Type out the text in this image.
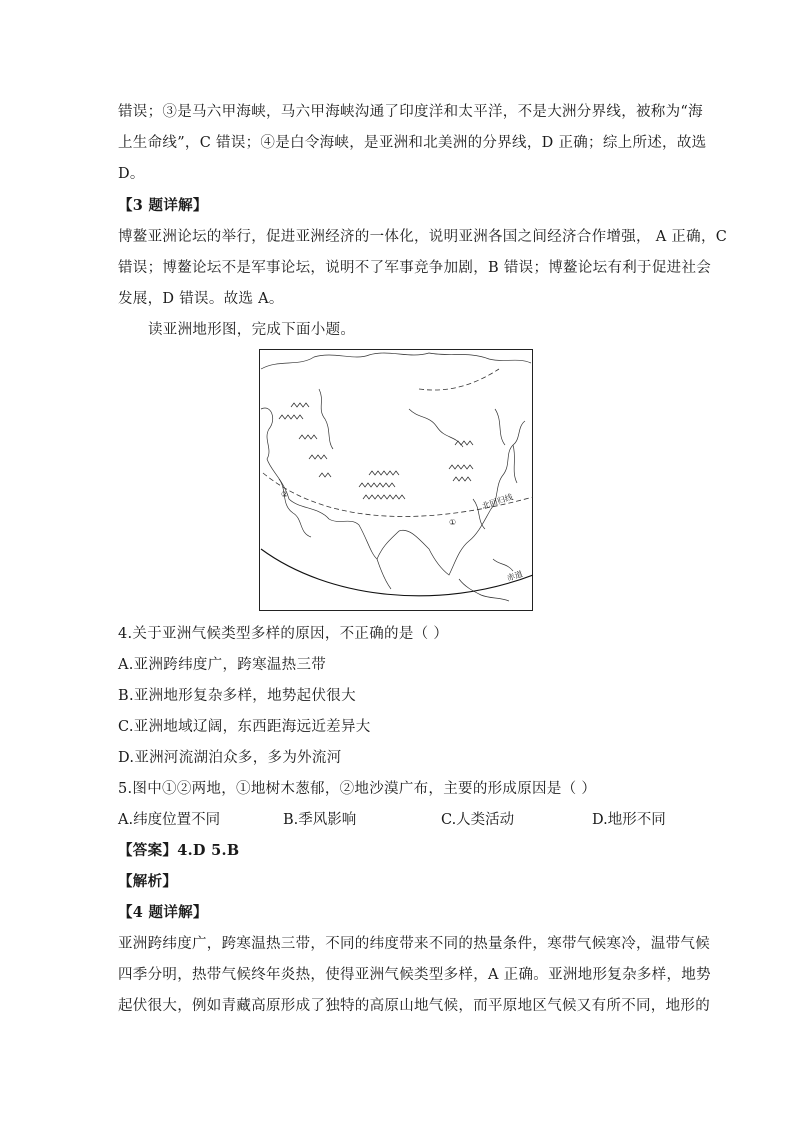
错误；③是马六甲海峡，马六甲海峡沟通了印度洋和太平洋，不是大洲分界线，被称为“海
上生命线”，C 错误；④是白令海峡，是亚洲和北美洲的分界线，D 正确；综上所述，故选
D。
【3 题详解】
博鳌亚洲论坛的举行，促进亚洲经济的一体化，说明亚洲各国之间经济合作增强， A 正确，C
错误；博鳌论坛不是军事论坛，说明不了军事竞争加剧，B 错误；博鳌论坛有利于促进社会
发展，D 错误。故选 A。
读亚洲地形图，完成下面小题。
北回归线
赤道
①
②
4.关于亚洲气候类型多样的原因，不正确的是（ ）
A.亚洲跨纬度广，跨寒温热三带
B.亚洲地形复杂多样，地势起伏很大
C.亚洲地域辽阔，东西距海远近差异大
D.亚洲河流湖泊众多，多为外流河
5.图中①②两地，①地树木葱郁，②地沙漠广布，主要的形成原因是（ ）
A.纬度位置不同	B.季风影响	C.人类活动	D.地形不同
【答案】4.D 5.B
【解析】
【4 题详解】
亚洲跨纬度广，跨寒温热三带，不同的纬度带来不同的热量条件，寒带气候寒冷，温带气候
四季分明，热带气候终年炎热，使得亚洲气候类型多样，A 正确。亚洲地形复杂多样，地势
起伏很大，例如青藏高原形成了独特的高原山地气候，而平原地区气候又有所不同，地形的
